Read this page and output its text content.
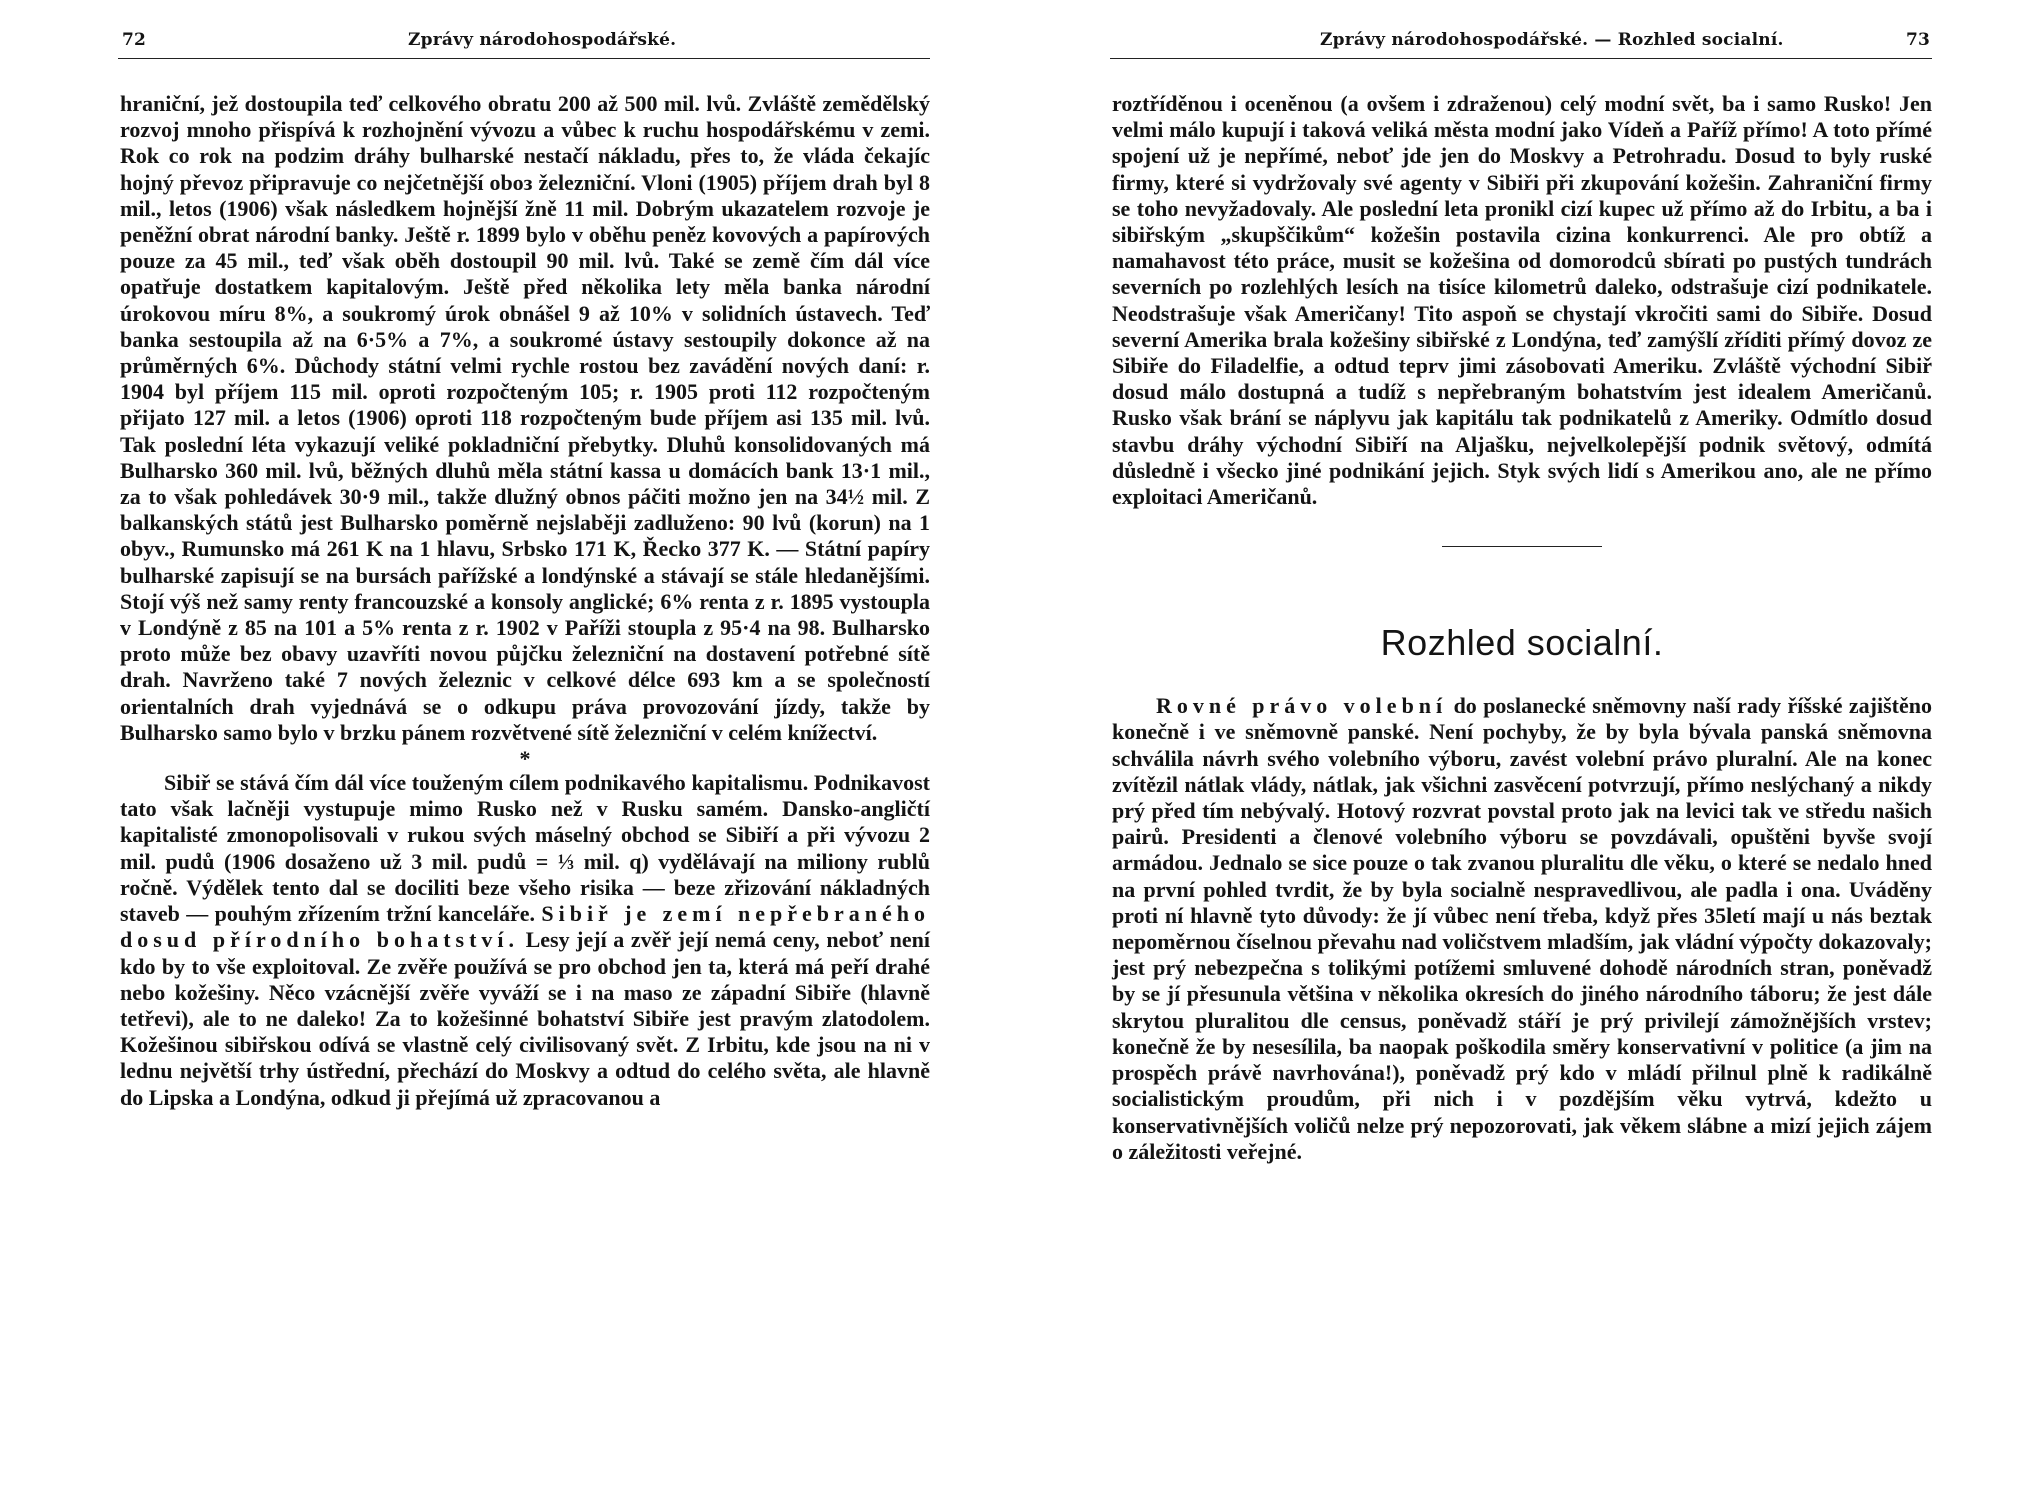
72	Zprávy národohospodářské.

hraniční, jež dostoupila teď celkového obratu 200 až 500 mil. lvů. Zvláště zemědělský rozvoj mnoho přispívá k rozhojnění vývozu a vůbec k ruchu hospodářskému v zemi. Rok co rok na podzim dráhy bulharské nestačí nákladu, přes to, že vláda čekajíc hojný převoz připravuje co nejčetnější obоз železniční. Vloni (1905) příjem drah byl 8 mil., letos (1906) však následkem hojnější žně 11 mil. Dobrým ukazatelem rozvoje je peněžní obrat národní banky. Ještě r. 1899 bylo v oběhu peněz kovových a papírových pouze za 45 mil., teď však oběh dostoupil 90 mil. lvů. Také se země čím dál více opatřuje dostatkem kapitalovým. Ještě před několika lety měla banka národní úrokovou míru 8%, a soukromý úrok obnášel 9 až 10% v solidních ústavech. Teď banka sestoupila až na 6·5% a 7%, a soukromé ústavy sestoupily dokonce až na průměrných 6%. Důchody státní velmi rychle rostou bez zavádění nových daní: r. 1904 byl příjem 115 mil. oproti rozpočteným 105; r. 1905 proti 112 rozpočteným přijato 127 mil. a letos (1906) oproti 118 rozpočteným bude příjem asi 135 mil. lvů. Tak poslední léta vykazují veliké pokladniční přebytky. Dluhů konsolidovaných má Bulharsko 360 mil. lvů, běžných dluhů měla státní kassa u domácích bank 13·1 mil., za to však pohledávek 30·9 mil., takže dlužný obnos páčiti možno jen na 34½ mil. Z balkanských států jest Bulharsko poměrně nejslaběji zadluženo: 90 lvů (korun) na 1 obyv., Rumunsko má 261 K na 1 hlavu, Srbsko 171 K, Řecko 377 K. — Státní papíry bulharské zapisují se na bursách pařížské a londýnské a stávají se stále hledanějšími. Stojí výš než samy renty francouzské a konsoly anglické; 6% renta z r. 1895 vystoupla v Londýně z 85 na 101 a 5% renta z r. 1902 v Paříži stoupla z 95·4 na 98. Bulharsko proto může bez obavy uzavříti novou půjčku železniční na dostavení potřebné sítě drah. Navrženo také 7 nových železnic v celkové délce 693 km a se společností orientalních drah vyjednává se o odkupu práva provozování jízdy, takže by Bulharsko samo bylo v brzku pánem rozvětvené sítě železniční v celém knížectví.

*

Sibiř se stává čím dál více touženým cílem podnikavého kapitalismu. Podnikavost tato však lačněji vystupuje mimo Rusko než v Rusku samém. Dansko-angličtí kapitalisté zmonopolisovali v rukou svých máselný obchod se Sibiří a při vývozu 2 mil. pudů (1906 dosaženo už 3 mil. pudů = ⅓ mil. q) vydělávají na miliony rublů ročně. Výdělek tento dal se dociliti beze všeho risika — beze zřizování nákladných staveb — pouhým zřízením tržní kanceláře. Sibiř je zemí nepřebraného dosud přírodního bohatství. Lesy její a zvěř její nemá ceny, neboť není kdo by to vše exploitoval. Ze zvěře používá se pro obchod jen ta, která má peří drahé nebo kožešiny. Něco vzácnější zvěře vyváží se i na maso ze západní Sibiře (hlavně tetřevi), ale to ne daleko! Za to kožešinné bohatství Sibiře jest pravým zlatodolem. Kožešinou sibiřskou odívá se vlastně celý civilisovaný svět. Z Irbitu, kde jsou na ni v lednu největší trhy ústřední, přechází do Moskvy a odtud do celého světa, ale hlavně do Lipska a Londýna, odkud ji přejímá už zpracovanou a

Zprávy národohospodářské. — Rozhled socialní.	73

roztříděnou i oceněnou (a ovšem i zdraženou) celý modní svět, ba i samo Rusko! Jen velmi málo kupují i taková veliká města modní jako Vídeň a Paříž přímo! A toto přímé spojení už je nepřímé, neboť jde jen do Moskvy a Petrohradu. Dosud to byly ruské firmy, které si vydržovaly své agenty v Sibiři při zkupování kožešin. Zahraniční firmy se toho nevyžadovaly. Ale poslední leta pronikl cizí kupec už přímo až do Irbitu, a ba i sibiřským „skupščikům“ kožešin postavila cizina konkurrenci. Ale pro obtíž a namahavost této práce, musit se kožešina od domorodců sbírati po pustých tundrách severních po rozlehlých lesích na tisíce kilometrů daleko, odstrašuje cizí podnikatele. Neodstrašuje však Američany! Tito aspoň se chystají vkročiti sami do Sibiře. Dosud severní Amerika brala kožešiny sibiřské z Londýna, teď zamýšlí zříditi přímý dovoz ze Sibiře do Filadelfie, a odtud teprv jimi zásobovati Ameriku. Zvláště východní Sibiř dosud málo dostupná a tudíž s nepřebraným bohatstvím jest idealem Američanů. Rusko však brání se náplyvu jak kapitálu tak podnikatelů z Ameriky. Odmítlo dosud stavbu dráhy východní Sibiří na Aljašku, nejvelkolepější podnik světový, odmítá důsledně i všecko jiné podnikání jejich. Styk svých lidí s Amerikou ano, ale ne přímo exploitaci Američanů.

Rozhled socialní.

Rovné právo volební do poslanecké sněmovny naší rady říšské zajištěno konečně i ve sněmovně panské. Není pochyby, že by byla bývala panská sněmovna schválila návrh svého volebního výboru, zavést volební právo pluralní. Ale na konec zvítězil nátlak vlády, nátlak, jak všichni zasvěcení potvrzují, přímo neslýchaný a nikdy prý před tím nebývalý. Hotový rozvrat povstal proto jak na levici tak ve středu našich pairů. Presidenti a členové volebního výboru se povzdávali, opuštěni byvše svojí armádou. Jednalo se sice pouze o tak zvanou pluralitu dle věku, o které se nedalo hned na první pohled tvrdit, že by byla socialně nespravedlivou, ale padla i ona. Uváděny proti ní hlavně tyto důvody: že jí vůbec není třeba, když přes 35letí mají u nás beztak nepoměrnou číselnou převahu nad voličstvem mladším, jak vládní výpočty dokazovaly; jest prý nebezpečna s tolikými potížemi smluvené dohodě národních stran, poněvadž by se jí přesunula většina v několika okresích do jiného národního táboru; že jest dále skrytou pluralitou dle census, poněvadž stáří je prý privilejí zámožnějších vrstev; konečně že by nesesílila, ba naopak poškodila směry konservativní v politice (a jim na prospěch právě navrhována!), poněvadž prý kdo v mládí přilnul plně k radikálně socialistickým proudům, při nich i v pozdějším věku vytrvá, kdežto u konservativnějších voličů nelze prý nepozorovati, jak věkem slábne a mizí jejich zájem o záležitosti veřejné.
